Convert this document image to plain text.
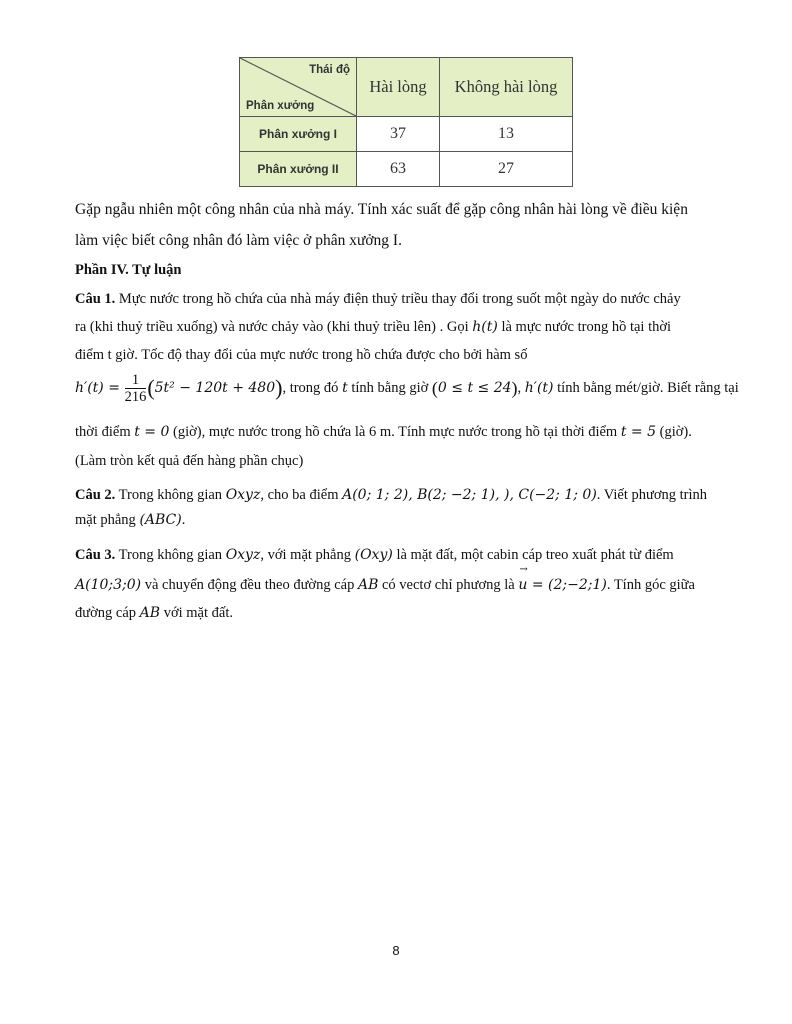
Thái độ
Phân xưởng	Hài lòng	Không hài lòng
Phân xưởng I	37	13
Phân xưởng II	63	27
Gặp ngẫu nhiên một công nhân của nhà máy. Tính xác suất để gặp công nhân hài lòng về điều kiện
làm việc biết công nhân đó làm việc ở phân xưởng I.
Phần IV. Tự luận
Câu 1. Mực nước trong hồ chứa của nhà máy điện thuỷ triều thay đổi trong suốt một ngày do nước chảy
ra (khi thuỷ triều xuống) và nước chảy vào (khi thuỷ triều lên) . Gọi h(t) là mực nước trong hồ tại thời
điểm t giờ. Tốc độ thay đổi của mực nước trong hồ chứa được cho bởi hàm số
$h'(t) = \frac{1}{216} (5t^2 - 120t + 480)$, trong đó t tính bằng giờ (0 ≤ t ≤ 24), h′(t) tính bằng mét/giờ. Biết rằng tại
thời điểm t = 0 (giờ), mực nước trong hồ chứa là 6 m. Tính mực nước trong hồ tại thời điểm t = 5 (giờ).
(Làm tròn kết quả đến hàng phần chục)
Câu 2. Trong không gian Oxyz, cho ba điểm A(0; 1; 2), B(2; −2; 1), ), C(−2; 1; 0). Viết phương trình
mặt phẳng (ABC).
Câu 3. Trong không gian Oxyz, với mặt phẳng (Oxy) là mặt đất, một cabin cáp treo xuất phát từ điểm
A(10;3;0) và chuyển động đều theo đường cáp AB có vectơ chỉ phương là
→
u = (2;−2;1). Tính góc giữa
đường cáp AB với mặt đất.
8
